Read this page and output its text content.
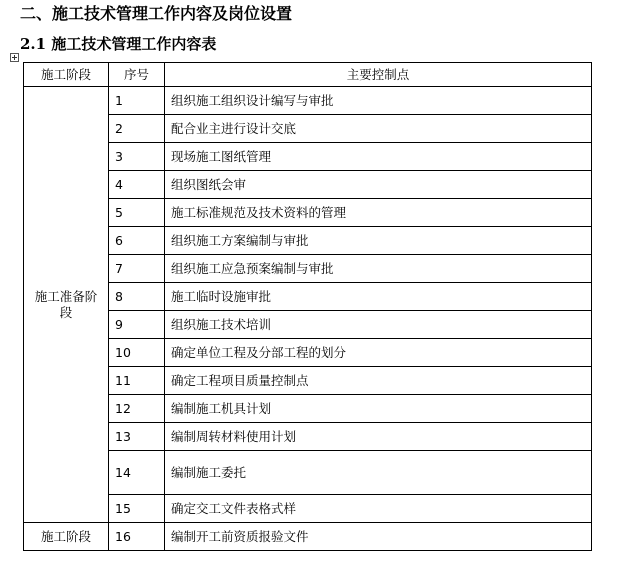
二、施工技术管理工作内容及岗位设置
2.1 施工技术管理工作内容表
施工阶段	序号	主要控制点
施工准备阶段	1	组织施工组织设计编写与审批
	2	配合业主进行设计交底
	3	现场施工图纸管理
	4	组织图纸会审
	5	施工标准规范及技术资料的管理
	6	组织施工方案编制与审批
	7	组织施工应急预案编制与审批
	8	施工临时设施审批
	9	组织施工技术培训
	10	确定单位工程及分部工程的划分
	11	确定工程项目质量控制点
	12	编制施工机具计划
	13	编制周转材料使用计划
	14	编制施工委托
	15	确定交工文件表格式样
施工阶段	16	编制开工前资质报验文件
